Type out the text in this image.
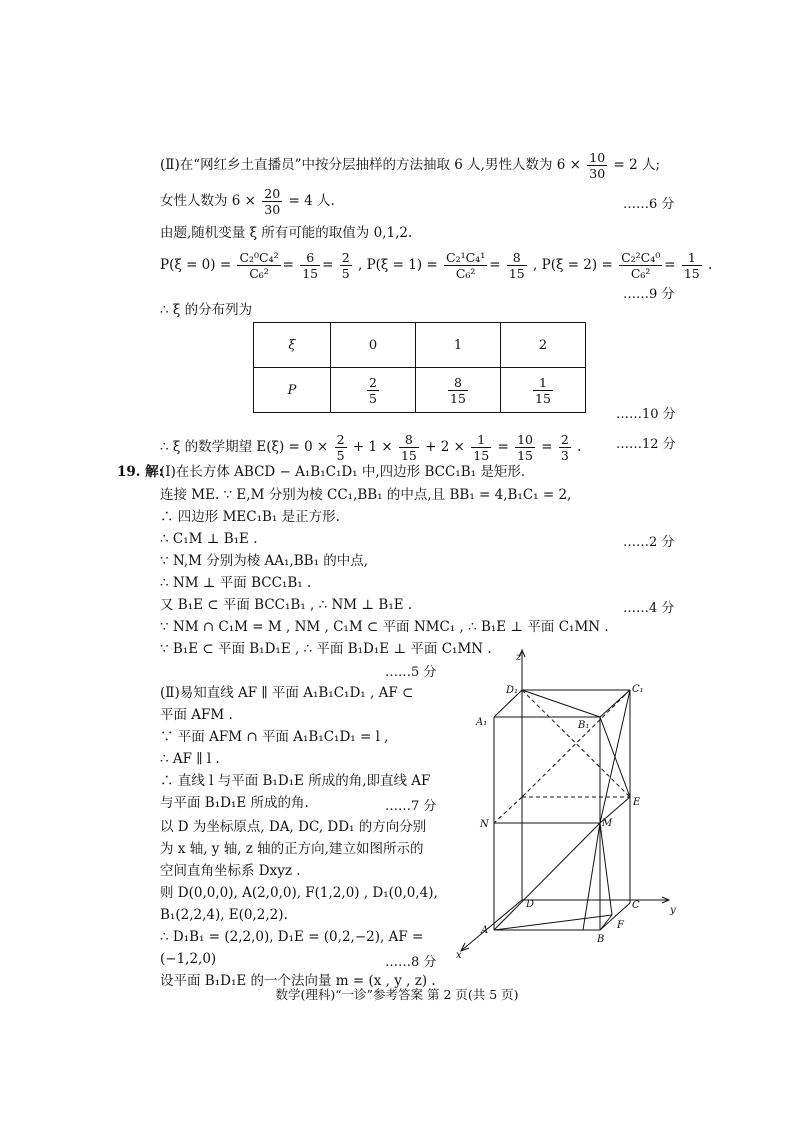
(Ⅱ)在“网红乡土直播员”中按分层抽样的方法抽取 6 人,男性人数为 $6 \times \frac{10}{30} = 2$ 人;
女性人数为 $6 \times \frac{20}{30} = 4$ 人.	……6 分
由题,随机变量 ξ 所有可能的取值为 0,1,2.
$P(\xi = 0) = \frac{\text{C₂⁰C₄²}}{\text{C₆²}} = \frac{6}{15} = \frac{2}{5}$ , $P(\xi = 1) = \frac{\text{C₂¹C₄¹}}{\text{C₆²}} = \frac{8}{15}$ , $P(\xi = 2) = \frac{\text{C₂²C₄⁰}}{\text{C₆²}} = \frac{1}{15}$ .
……9 分
∴ ξ 的分布列为
ξ	0	1	2
P	$\frac{2}{5}$	$\frac{8}{15}$	$\frac{1}{15}$
……10 分
∴ ξ 的数学期望 $E(\xi) = 0 \times \frac{2}{5} + 1 \times \frac{8}{15} + 2 \times \frac{1}{15} = \frac{10}{15} = \frac{2}{3}$ .	……12 分
19. 解:
(Ⅰ)在长方体 ABCD − A₁B₁C₁D₁ 中,四边形 BCC₁B₁ 是矩形.
连接 ME. ∵ E,M 分别为棱 CC₁,BB₁ 的中点,且 BB₁ = 4,B₁C₁ = 2,
∴ 四边形 MEC₁B₁ 是正方形.
∴ C₁M ⊥ B₁E .	……2 分
∵ N,M 分别为棱 AA₁,BB₁ 的中点,
∴ NM ⊥ 平面 BCC₁B₁ .
又 B₁E ⊂ 平面 BCC₁B₁ , ∴ NM ⊥ B₁E .	……4 分
∵ NM ∩ C₁M = M , NM , C₁M ⊂ 平面 NMC₁ , ∴ B₁E ⊥ 平面 C₁MN .
∵ B₁E ⊂ 平面 B₁D₁E , ∴ 平面 B₁D₁E ⊥ 平面 C₁MN .
……5 分
(Ⅱ)易知直线 AF ∥ 平面 A₁B₁C₁D₁ , AF ⊂
平面 AFM .
∵ 平面 AFM ∩ 平面 A₁B₁C₁D₁ = l ,
∴ AF ∥ l .
∴ 直线 l 与平面 B₁D₁E 所成的角,即直线 AF
与平面 B₁D₁E 所成的角.	……7 分
以 D 为坐标原点, DA, DC, DD₁ 的方向分别
为 x 轴, y 轴, z 轴的正方向,建立如图所示的
空间直角坐标系 Dxyz .
则 D(0,0,0), A(2,0,0), F(1,2,0) , D₁(0,0,4),
B₁(2,2,4), E(0,2,2).
∴ D₁B₁ = (2,2,0), D₁E = (0,2,−2), AF =
(−1,2,0)	……8 分
设平面 B₁D₁E 的一个法向量 m = (x , y , z) .
z
D₁	C₁
A₁	B₁
E
N	M
D	C	y
A	F
B
x
数学(理科)“一诊”参考答案 第 2 页(共 5 页)
